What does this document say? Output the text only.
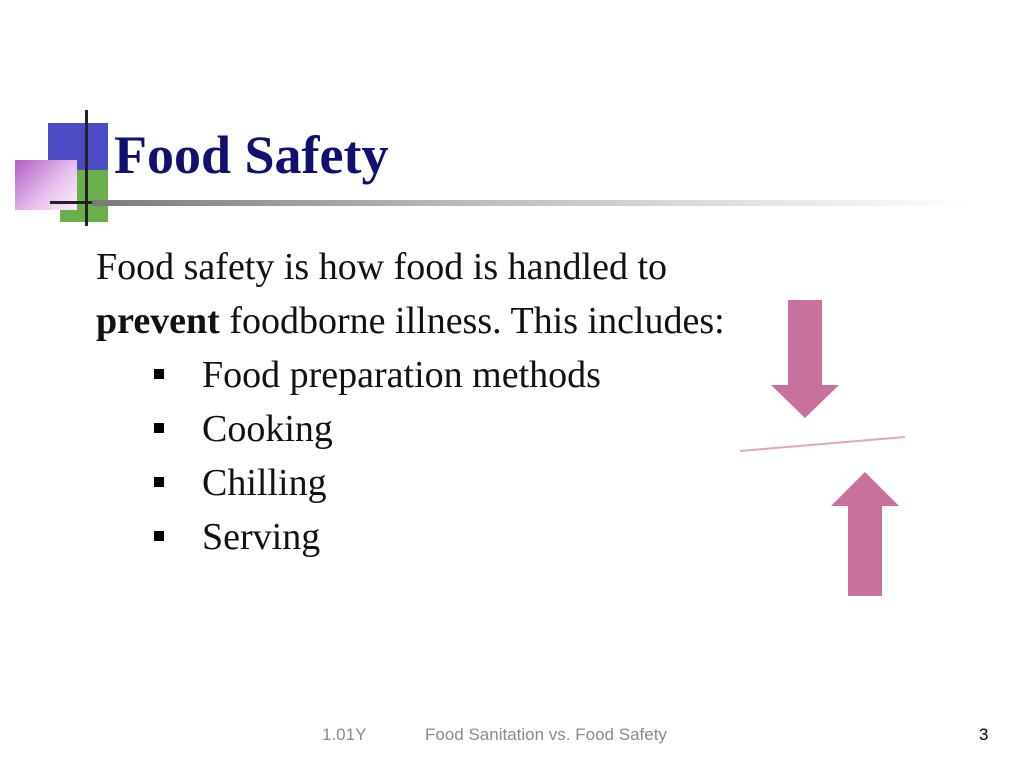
Food Safety

Food safety is how food is handled to prevent foodborne illness. This includes:

Food preparation methods
Cooking
Chilling
Serving
1.01Y	Food Sanitation vs. Food Safety	3
